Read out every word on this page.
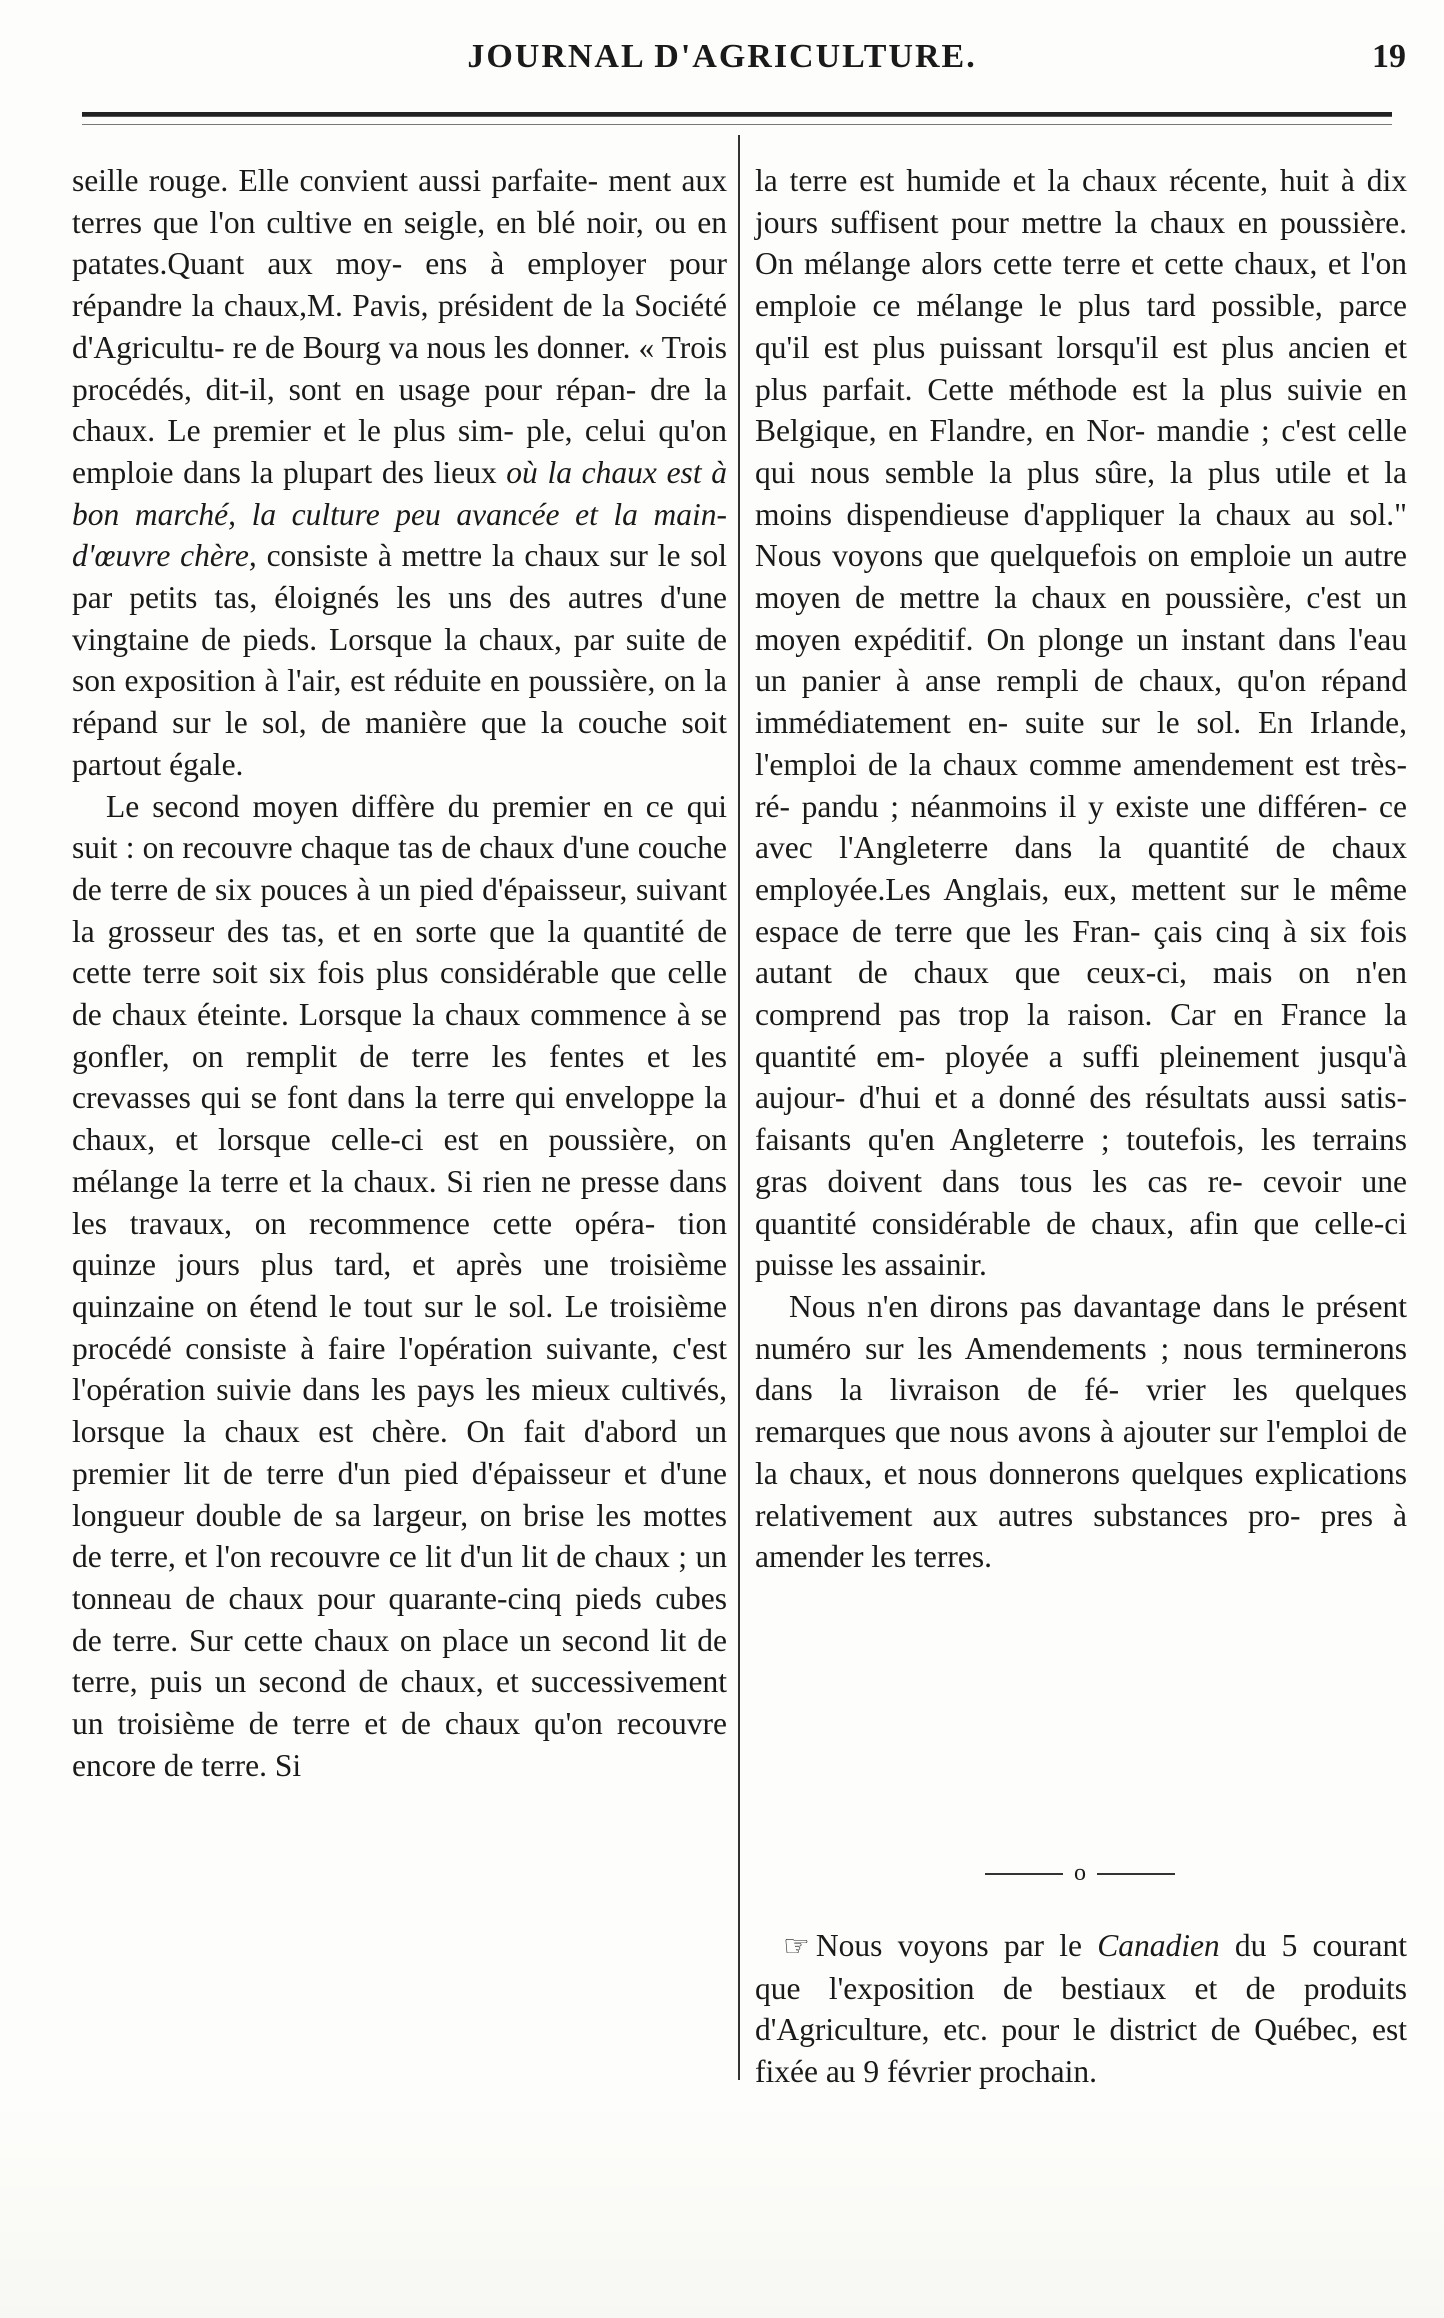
JOURNAL D'AGRICULTURE.	19

seille rouge. Elle convient aussi parfaite- ment aux terres que l'on cultive en seigle, en blé noir, ou en patates.Quant aux moy- ens à employer pour répandre la chaux,M. Pavis, président de la Société d'Agricultu- re de Bourg va nous les donner. « Trois procédés, dit-il, sont en usage pour répan- dre la chaux. Le premier et le plus sim- ple, celui qu'on emploie dans la plupart des lieux où la chaux est à bon marché, la culture peu avancée et la main-d'œuvre chère, consiste à mettre la chaux sur le sol par petits tas, éloignés les uns des autres d'une vingtaine de pieds. Lorsque la chaux, par suite de son exposition à l'air, est réduite en poussière, on la répand sur le sol, de manière que la couche soit partout égale.

Le second moyen diffère du premier en ce qui suit : on recouvre chaque tas de chaux d'une couche de terre de six pouces à un pied d'épaisseur, suivant la grosseur des tas, et en sorte que la quantité de cette terre soit six fois plus considérable que celle de chaux éteinte. Lorsque la chaux commence à se gonfler, on remplit de terre les fentes et les crevasses qui se font dans la terre qui enveloppe la chaux, et lorsque celle-ci est en poussière, on mélange la terre et la chaux. Si rien ne presse dans les travaux, on recommence cette opéra- tion quinze jours plus tard, et après une troisième quinzaine on étend le tout sur le sol. Le troisième procédé consiste à faire l'opération suivante, c'est l'opération suivie dans les pays les mieux cultivés, lorsque la chaux est chère. On fait d'abord un premier lit de terre d'un pied d'épaisseur et d'une longueur double de sa largeur, on brise les mottes de terre, et l'on recouvre ce lit d'un lit de chaux ; un tonneau de chaux pour quarante-cinq pieds cubes de terre. Sur cette chaux on place un second lit de terre, puis un second de chaux, et successivement un troisième de terre et de chaux qu'on recouvre encore de terre. Si

la terre est humide et la chaux récente, huit à dix jours suffisent pour mettre la chaux en poussière. On mélange alors cette terre et cette chaux, et l'on emploie ce mélange le plus tard possible, parce qu'il est plus puissant lorsqu'il est plus ancien et plus parfait. Cette méthode est la plus suivie en Belgique, en Flandre, en Nor- mandie ; c'est celle qui nous semble la plus sûre, la plus utile et la moins dispendieuse d'appliquer la chaux au sol." Nous voyons que quelquefois on emploie un autre moyen de mettre la chaux en poussière, c'est un moyen expéditif. On plonge un instant dans l'eau un panier à anse rempli de chaux, qu'on répand immédiatement en- suite sur le sol. En Irlande, l'emploi de la chaux comme amendement est très-ré- pandu ; néanmoins il y existe une différen- ce avec l'Angleterre dans la quantité de chaux employée.Les Anglais, eux, mettent sur le même espace de terre que les Fran- çais cinq à six fois autant de chaux que ceux-ci, mais on n'en comprend pas trop la raison. Car en France la quantité em- ployée a suffi pleinement jusqu'à aujour- d'hui et a donné des résultats aussi satis- faisants qu'en Angleterre ; toutefois, les terrains gras doivent dans tous les cas re- cevoir une quantité considérable de chaux, afin que celle-ci puisse les assainir.

Nous n'en dirons pas davantage dans le présent numéro sur les Amendements ; nous terminerons dans la livraison de fé- vrier les quelques remarques que nous avons à ajouter sur l'emploi de la chaux, et nous donnerons quelques explications relativement aux autres substances pro- pres à amender les terres.

o
☞ Nous voyons par le Canadien du 5 courant que l'exposition de bestiaux et de produits d'Agriculture, etc. pour le district de Québec, est fixée au 9 février prochain.
